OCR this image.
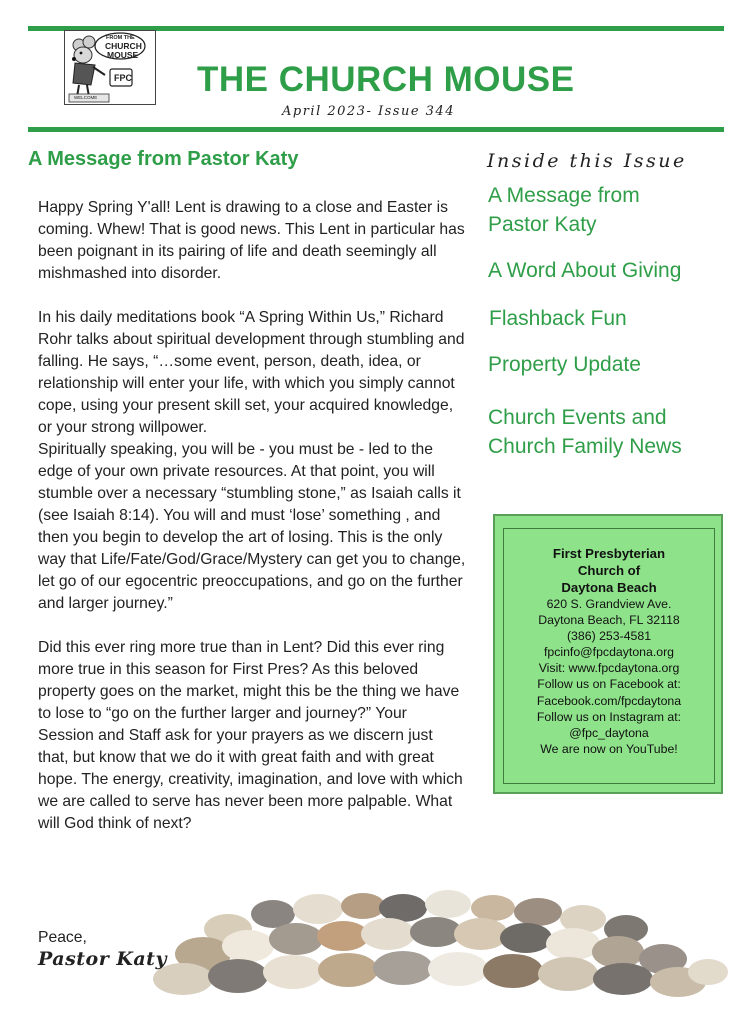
FROM THE
CHURCH
MOUSE
FPC
WELCOME	THE CHURCH MOUSE
April 2023- Issue 344
A Message from Pastor Katy

Happy Spring Y'all! Lent is drawing to a close and Easter is coming. Whew! That is good news. This Lent in particular has been poignant in its pairing of life and death seemingly all mishmashed into disorder.

In his daily meditations book “A Spring Within Us,” Richard Rohr talks about spiritual development through stumbling and falling. He says, “…some event, person, death, idea, or relationship will enter your life, with which you simply cannot cope, using your present skill set, your acquired knowledge, or your strong willpower.

Spiritually speaking, you will be - you must be - led to the edge of your own private resources. At that point, you will stumble over a necessary “stumbling stone,” as Isaiah calls it (see Isaiah 8:14). You will and must ‘lose’ something , and then you begin to develop the art of losing. This is the only way that Life/Fate/God/Grace/Mystery can get you to change, let go of our egocentric preoccupations, and go on the further and larger journey.”

Did this ever ring more true than in Lent? Did this ever ring more true in this season for First Pres? As this beloved property goes on the market, might this be the thing we have to lose to “go on the further larger and journey?” Your Session and Staff ask for your prayers as we discern just that, but know that we do it with great faith and with great hope. The energy, creativity, imagination, and love with which we are called to serve has never been more palpable. What will God think of next?

Peace,
Pastor Katy
Inside this Issue
A Message from Pastor Katy
A Word About Giving
Flashback Fun
Property Update
Church Events and Church Family News
First Presbyterian
Church of
Daytona Beach
620 S. Grandview Ave.
Daytona Beach, FL 32118
(386) 253-4581
fpcinfo@fpcdaytona.org
Visit: www.fpcdaytona.org
Follow us on Facebook at:
Facebook.com/fpcdaytona
Follow us on Instagram at:
@fpc_daytona
We are now on YouTube!
